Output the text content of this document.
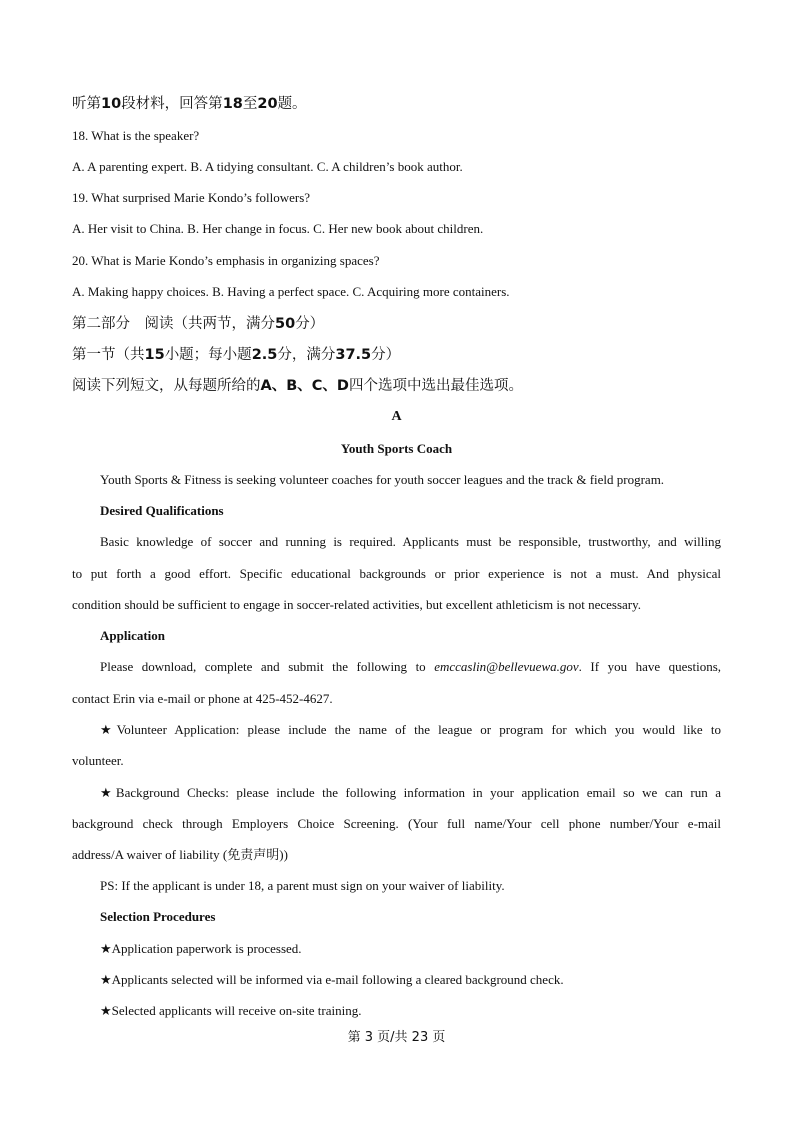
听第10段材料，回答第18至20题。
18. What is the speaker?
A. A parenting expert. B. A tidying consultant. C. A children’s book author.
19. What surprised Marie Kondo’s followers?
A. Her visit to China. B. Her change in focus. C. Her new book about children.
20. What is Marie Kondo’s emphasis in organizing spaces?
A. Making happy choices. B. Having a perfect space. C. Acquiring more containers.
第二部分　阅读（共两节，满分50分）
第一节（共15小题；每小题2.5分，满分37.5分）
阅读下列短文，从每题所给的A、B、C、D四个选项中选出最佳选项。
A
Youth Sports Coach
Youth Sports & Fitness is seeking volunteer coaches for youth soccer leagues and the track & field program.
Desired Qualifications
Basic knowledge of soccer and running is required. Applicants must be responsible, trustworthy, and willing
to put forth a good effort. Specific educational backgrounds or prior experience is not a must. And physical
condition should be sufficient to engage in soccer-related activities, but excellent athleticism is not necessary.
Application
Please download, complete and submit the following to emccaslin@bellevuewa.gov. If you have questions,
contact Erin via e-mail or phone at 425-452-4627.
★Volunteer Application: please include the name of the league or program for which you would like to
volunteer.
★Background Checks: please include the following information in your application email so we can run a
background check through Employers Choice Screening. (Your full name/Your cell phone number/Your e-mail
address/A waiver of liability (免责声明))
PS: If the applicant is under 18, a parent must sign on your waiver of liability.
Selection Procedures
★Application paperwork is processed.
★Applicants selected will be informed via e-mail following a cleared background check.
★Selected applicants will receive on-site training.
第 3 页/共 23 页
